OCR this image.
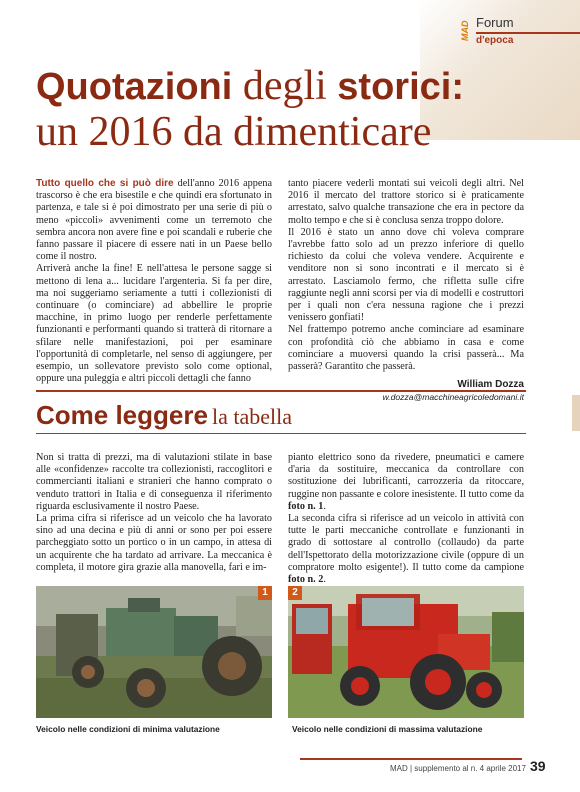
MAD Forum
d'epoca
Quotazioni degli storici:
un 2016 da dimenticare

Tutto quello che si può dire dell'anno 2016 appena trascorso è che era bisestile e che quindi era sfortunato in partenza, e tale si è poi dimostrato per una serie di più o meno «piccoli» avvenimenti come un terremoto che sembra ancora non avere fine e poi scandali e ruberie che fanno passare il piacere di essere nati in un Paese bello come il nostro.

Arriverà anche la fine! E nell'attesa le persone sagge si mettono di lena a... lucidare l'argenteria. Si fa per dire, ma noi suggeriamo seriamente a tutti i collezionisti di continuare (o cominciare) ad abbellire le proprie macchine, in primo luogo per renderle perfettamente funzionanti e performanti quando si tratterà di ritornare a sfilare nelle manifestazioni, poi per esaminare l'opportunità di completarle, nel senso di aggiungere, per esempio, un sollevatore previsto solo come optional, oppure una puleggia e altri piccoli dettagli che fanno

tanto piacere vederli montati sui veicoli degli altri. Nel 2016 il mercato del trattore storico si è praticamente arrestato, salvo qualche transazione che era in pectore da molto tempo e che si è conclusa senza troppo dolore.

Il 2016 è stato un anno dove chi voleva comprare l'avrebbe fatto solo ad un prezzo inferiore di quello richiesto da colui che voleva vendere. Acquirente e venditore non si sono incontrati e il mercato si è arrestato. Lasciamolo fermo, che rifletta sulle cifre raggiunte negli anni scorsi per via di modelli e costruttori per i quali non c'era nessuna ragione che i prezzi venissero gonfiati!

Nel frattempo potremo anche cominciare ad esaminare con profondità ciò che abbiamo in casa e come cominciare a muoversi quando la crisi passerà... Ma passerà? Garantito che passerà.

William Dozza

w.dozza@macchineagricoledomani.it

Come leggere la tabella

Non si tratta di prezzi, ma di valutazioni stilate in base alle «confidenze» raccolte tra collezionisti, raccoglitori e commercianti italiani e stranieri che hanno comprato o venduto trattori in Italia e di conseguenza il riferimento riguarda esclusivamente il nostro Paese.

La prima cifra si riferisce ad un veicolo che ha lavorato sino ad una decina e più di anni or sono per poi essere parcheggiato sotto un portico o in un campo, in attesa di un acquirente che ha tardato ad arrivare. La meccanica è completa, il motore gira grazie alla manovella, fari e im-

pianto elettrico sono da rivedere, pneumatici e camere d'aria da sostituire, meccanica da controllare con sostituzione dei lubrificanti, carrozzeria da ritoccare, ruggine non passante e colore inesistente. Il tutto come da foto n. 1.

La seconda cifra si riferisce ad un veicolo in attività con tutte le parti meccaniche controllate e funzionanti in grado di sottostare al controllo (collaudo) da parte dell'Ispettorato della motorizzazione civile (oppure di un compratore molto esigente!). Il tutto come da campione foto n. 2.

1
Veicolo nelle condizioni di minima valutazione
2
Veicolo nelle condizioni di massima valutazione
MAD | supplemento al n. 4 aprile 2017 39
